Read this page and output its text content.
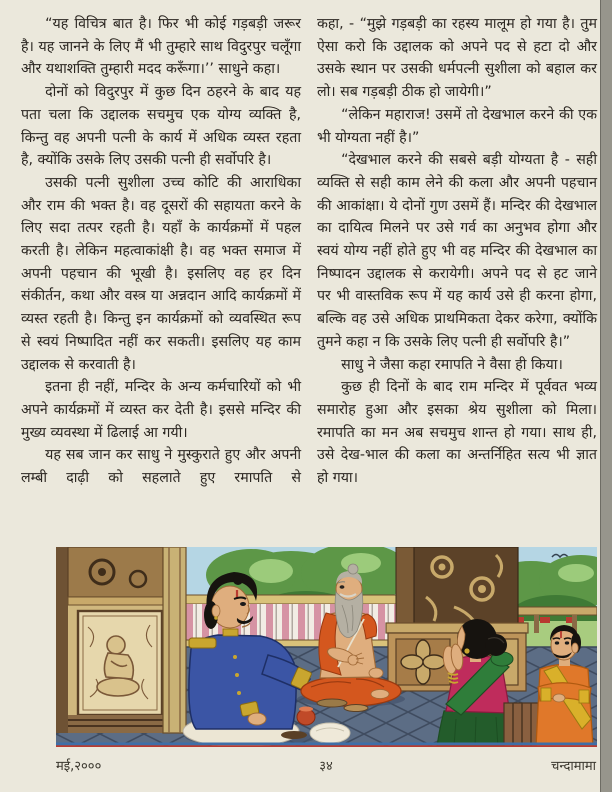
“यह विचित्र बात है। फिर भी कोई गड़बड़ी जरूर है। यह जानने के लिए मैं भी तुम्हारे साथ विदुरपुर चलूँगा और यथाशक्ति तुम्हारी मदद करूँगा।’’ साधुने कहा।

दोनों को विदुरपुर में कुछ दिन ठहरने के बाद यह पता चला कि उद्दालक सचमुच एक योग्य व्यक्ति है, किन्तु वह अपनी पत्नी के कार्य में अधिक व्यस्त रहता है, क्योंकि उसके लिए उसकी पत्नी ही सर्वोपरि है।

उसकी पत्नी सुशीला उच्च कोटि की आराधिका और राम की भक्त है। वह दूसरों की सहायता करने के लिए सदा तत्पर रहती है। यहाँ के कार्यक्रमों में पहल करती है। लेकिन महत्वाकांक्षी है। वह भक्त समाज में अपनी पहचान की भूखी है। इसलिए वह हर दिन संकीर्तन, कथा और वस्त्र या अन्नदान आदि कार्यक्रमों में व्यस्त रहती है। किन्तु इन कार्यक्रमों को व्यवस्थित रूप से स्वयं निष्पादित नहीं कर सकती। इसलिए यह काम उद्दालक से करवाती है।

इतना ही नहीं, मन्दिर के अन्य कर्मचारियों को भी अपने कार्यक्रमों में व्यस्त कर देती है। इससे मन्दिर की मुख्य व्यवस्था में ढिलाई आ गयी।

यह सब जान कर साधु ने मुस्कुराते हुए और अपनी लम्बी दाढ़ी को सहलाते हुए रमापति से

कहा, - “मुझे गड़बड़ी का रहस्य मालूम हो गया है। तुम ऐसा करो कि उद्दालक को अपने पद से हटा दो और उसके स्थान पर उसकी धर्मपत्नी सुशीला को बहाल कर लो। सब गड़बड़ी ठीक हो जायेगी।”

“लेकिन महाराज! उसमें तो देखभाल करने की एक भी योग्यता नहीं है।”

“देखभाल करने की सबसे बड़ी योग्यता है - सही व्यक्ति से सही काम लेने की कला और अपनी पहचान की आकांक्षा। ये दोनों गुण उसमें हैं। मन्दिर की देखभाल का दायित्व मिलने पर उसे गर्व का अनुभव होगा और स्वयं योग्य नहीं होते हुए भी वह मन्दिर की देखभाल का निष्पादन उद्दालक से करायेगी। अपने पद से हट जाने पर भी वास्तविक रूप में यह कार्य उसे ही करना होगा, बल्कि वह उसे अधिक प्राथमिकता देकर करेगा, क्योंकि तुमने कहा न कि उसके लिए पत्नी ही सर्वोपरि है।”

साधु ने जैसा कहा रमापति ने वैसा ही किया।

कुछ ही दिनों के बाद राम मन्दिर में पूर्ववत भव्य समारोह हुआ और इसका श्रेय सुशीला को मिला। रमापति का मन अब सचमुच शान्त हो गया। साथ ही, उसे देख-भाल की कला का अन्तर्निहित सत्य भी ज्ञात हो गया।

मई,२०००	३४	चन्दामामा
